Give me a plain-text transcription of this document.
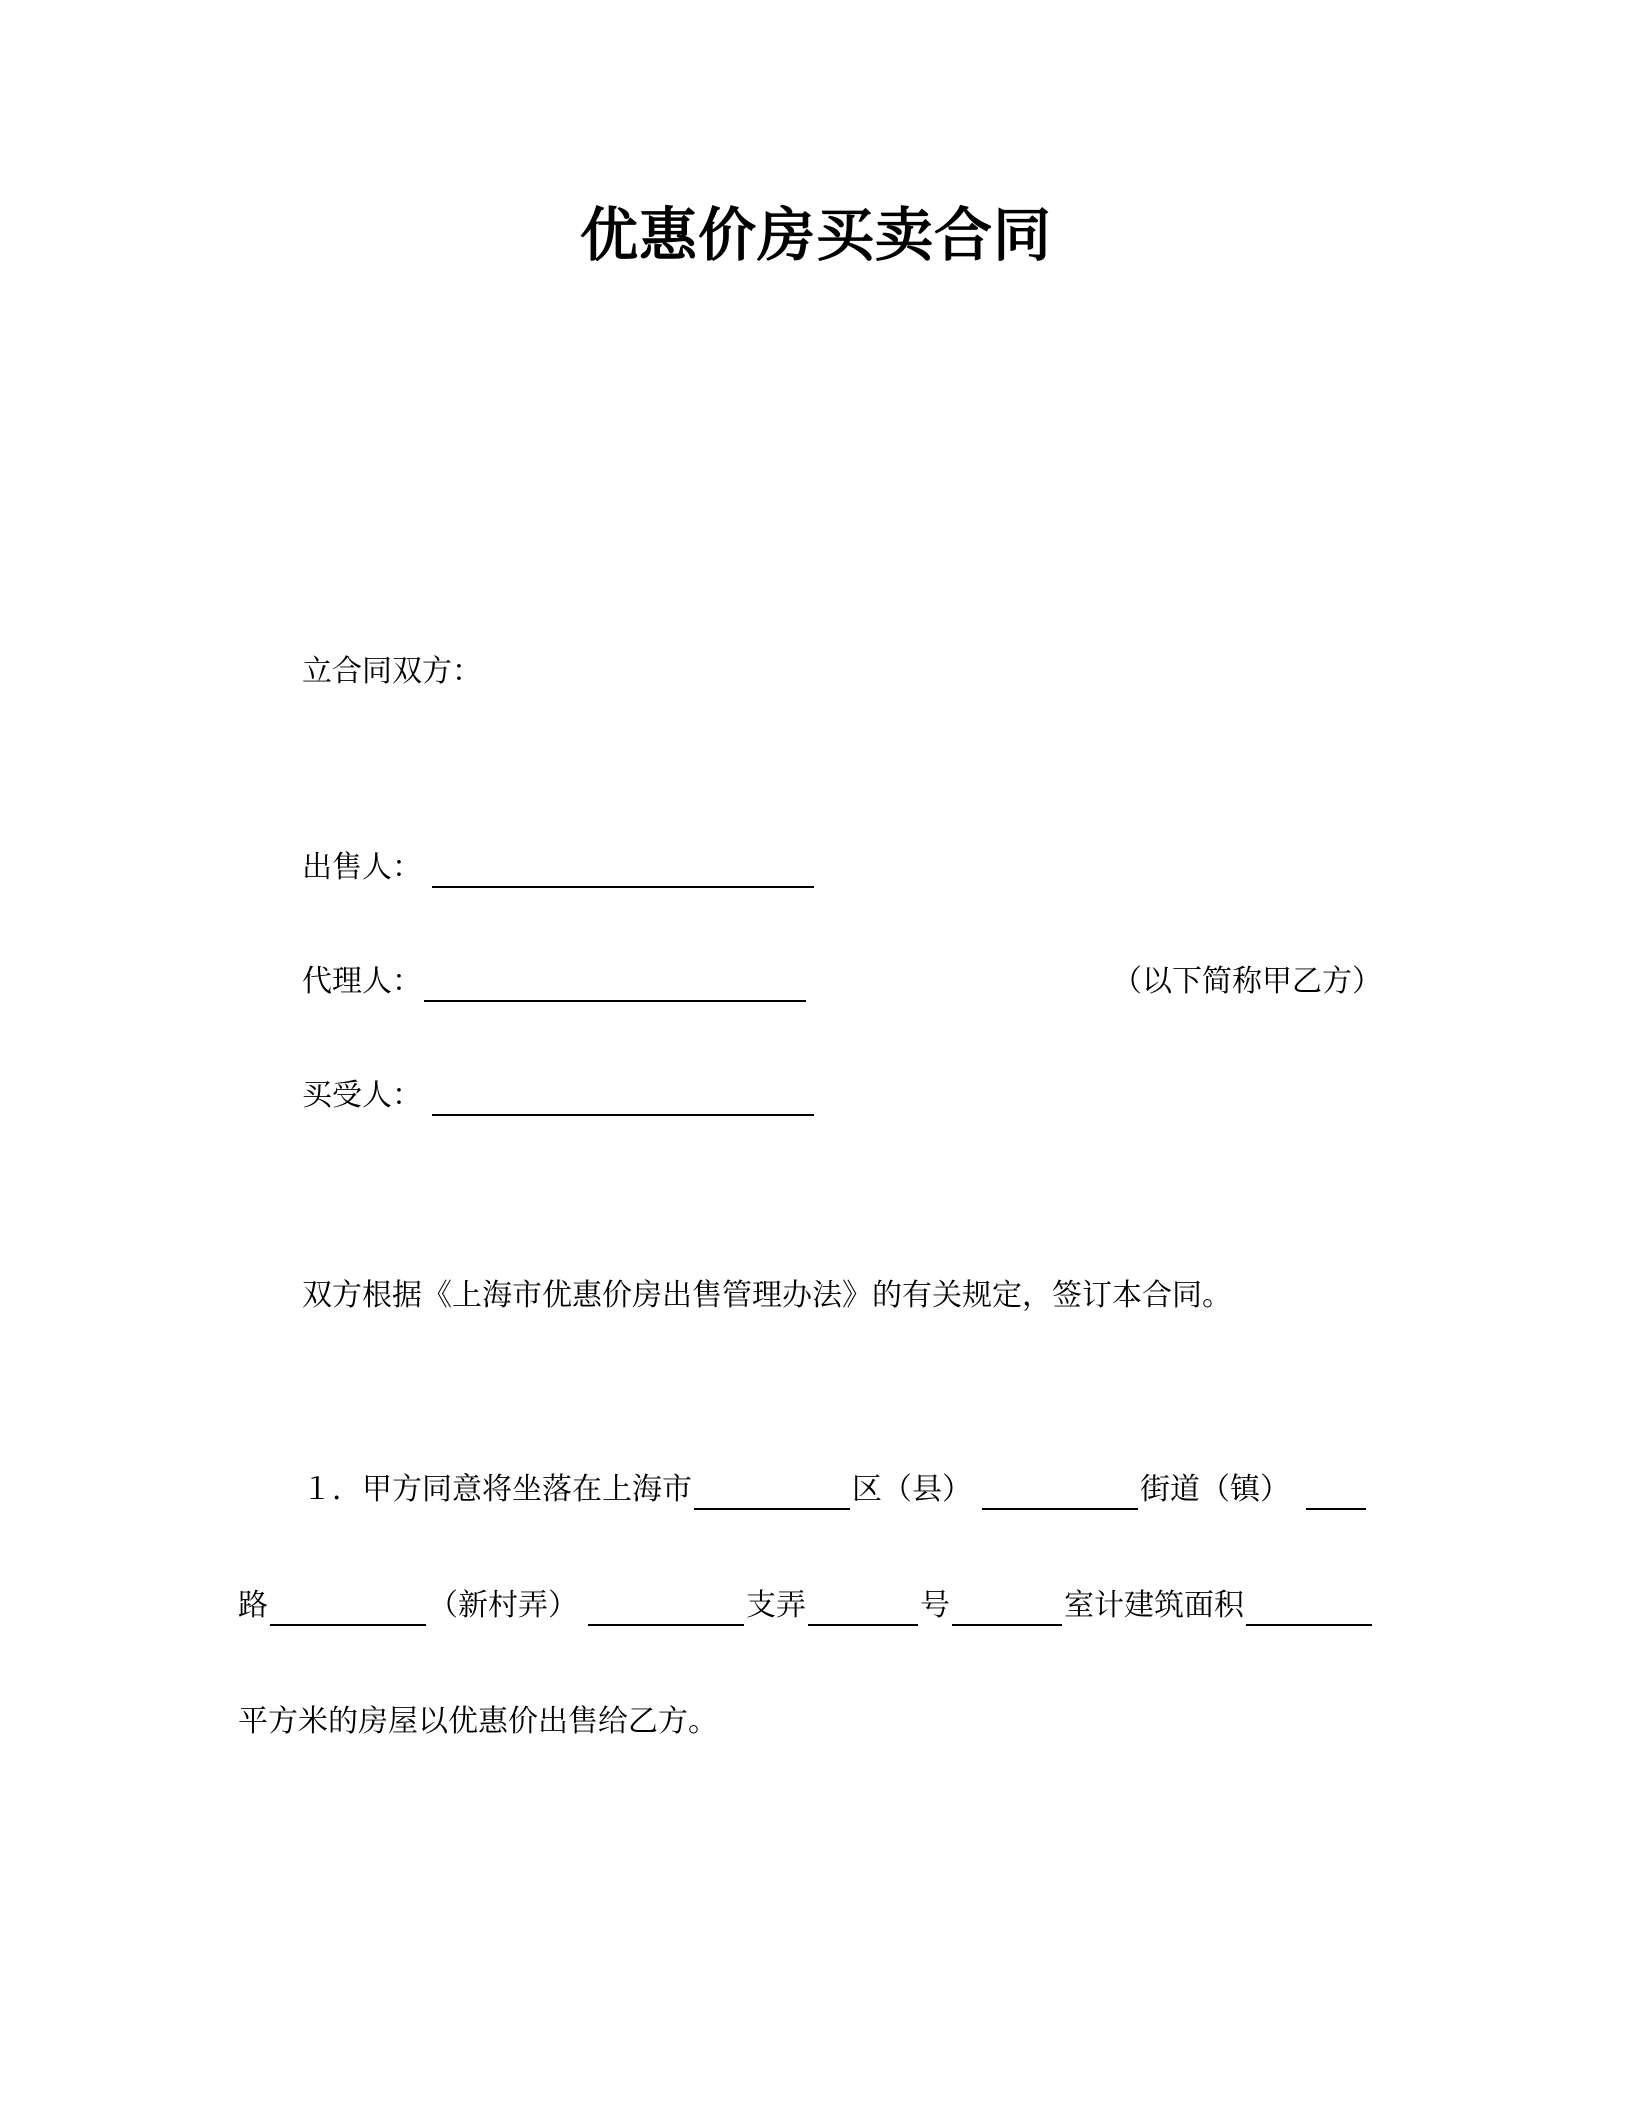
优惠价房买卖合同
立合同双方：
出售人：
代理人：	（以下简称甲乙方）
买受人：
双方根据《上海市优惠价房出售管理办法》的有关规定，签订本合同。
１．甲方同意将坐落在上海市	区（县）	街道（镇）
路	（新村弄）	支弄	号	室计建筑面积
平方米的房屋以优惠价出售给乙方。
